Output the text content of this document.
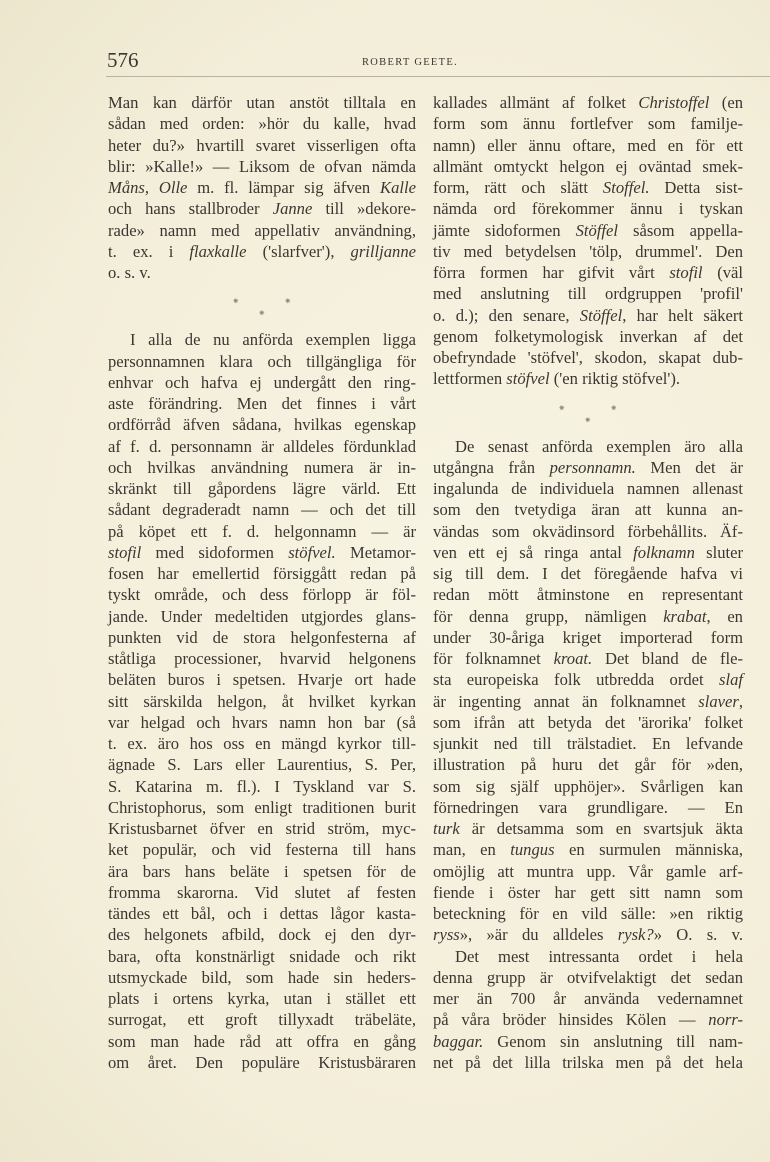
576	ROBERT GEETE.
Man kan därför utan anstöt tilltala en
sådan med orden: »hör du kalle, hvad
heter du?» hvartill svaret visserligen ofta
blir: »Kalle!» — Liksom de ofvan nämda
Måns, Olle m. fl. lämpar sig äfven Kalle
och hans stallbroder Janne till »dekore-
rade» namn med appellativ användning,
t. ex. i flaxkalle ('slarfver'), grilljanne
o. s. v.
⁕	⁕
⁕
I alla de nu anförda exemplen ligga
personnamnen klara och tillgängliga för
enhvar och hafva ej undergått den ring-
aste förändring. Men det finnes i vårt
ordförråd äfven sådana, hvilkas egenskap
af f. d. personnamn är alldeles fördunklad
och hvilkas användning numera är in-
skränkt till gåpordens lägre värld. Ett
sådant degraderadt namn — och det till
på köpet ett f. d. helgonnamn — är
stofil med sidoformen stöfvel. Metamor-
fosen har emellertid försiggått redan på
tyskt område, och dess förlopp är föl-
jande. Under medeltiden utgjordes glans-
punkten vid de stora helgonfesterna af
ståtliga processioner, hvarvid helgonens
beläten buros i spetsen. Hvarje ort hade
sitt särskilda helgon, åt hvilket kyrkan
var helgad och hvars namn hon bar (så
t. ex. äro hos oss en mängd kyrkor till-
ägnade S. Lars eller Laurentius, S. Per,
S. Katarina m. fl.). I Tyskland var S.
Christophorus, som enligt traditionen burit
Kristusbarnet öfver en strid ström, myc-
ket populär, och vid festerna till hans
ära bars hans beläte i spetsen för de
fromma skarorna. Vid slutet af festen
tändes ett bål, och i dettas lågor kasta-
des helgonets afbild, dock ej den dyr-
bara, ofta konstnärligt snidade och rikt
utsmyckade bild, som hade sin heders-
plats i ortens kyrka, utan i stället ett
surrogat, ett groft tillyxadt träbeläte,
som man hade råd att offra en gång
om året. Den populäre Kristusbäraren
kallades allmänt af folket Christoffel (en
form som ännu fortlefver som familje-
namn) eller ännu oftare, med en för ett
allmänt omtyckt helgon ej oväntad smek-
form, rätt och slätt Stoffel. Detta sist-
nämda ord förekommer ännu i tyskan
jämte sidoformen Stöffel såsom appella-
tiv med betydelsen 'tölp, drummel'. Den
förra formen har gifvit vårt stofil (väl
med anslutning till ordgruppen 'profil'
o. d.); den senare, Stöffel, har helt säkert
genom folketymologisk inverkan af det
obefryndade 'stöfvel', skodon, skapat dub-
lettformen stöfvel ('en riktig stöfvel').
⁕	⁕
⁕
De senast anförda exemplen äro alla
utgångna från personnamn. Men det är
ingalunda de individuela namnen allenast
som den tvetydiga äran att kunna an-
vändas som okvädinsord förbehållits. Äf-
ven ett ej så ringa antal folknamn sluter
sig till dem. I det föregående hafva vi
redan mött åtminstone en representant
för denna grupp, nämligen krabat, en
under 30-åriga kriget importerad form
för folknamnet kroat. Det bland de fle-
sta europeiska folk utbredda ordet slaf
är ingenting annat än folknamnet slaver,
som ifrån att betyda det 'ärorika' folket
sjunkit ned till trälstadiet. En lefvande
illustration på huru det går för »den,
som sig själf upphöjer». Svårligen kan
förnedringen vara grundligare. — En
turk är detsamma som en svartsjuk äkta
man, en tungus en surmulen människa,
omöjlig att muntra upp. Vår gamle arf-
fiende i öster har gett sitt namn som
beteckning för en vild sälle: »en riktig
ryss», »är du alldeles rysk?» O. s. v.
Det mest intressanta ordet i hela
denna grupp är otvifvelaktigt det sedan
mer än 700 år använda vedernamnet
på våra bröder hinsides Kölen — norr-
baggar. Genom sin anslutning till nam-
net på det lilla trilska men på det hela
